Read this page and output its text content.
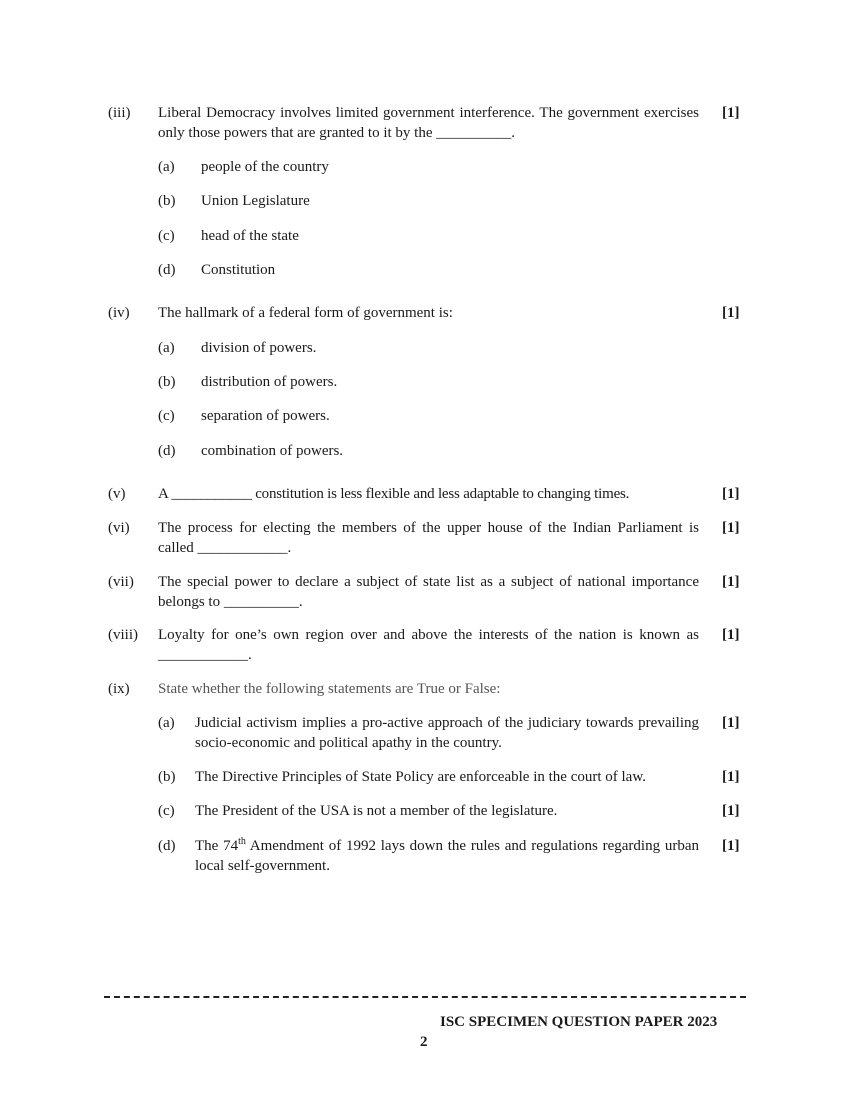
(iii) Liberal Democracy involves limited government interference. The government exercises only those powers that are granted to it by the __________.
[1]
(a) people of the country
(b) Union Legislature
(c) head of the state
(d) Constitution
(iv) The hallmark of a federal form of government is:	[1]
(a) division of powers.
(b) distribution of powers.
(c) separation of powers.
(d) combination of powers.
(v) A ___________ constitution is less flexible and less adaptable to changing times.	[1]
(vi) The process for electing the members of the upper house of the Indian Parliament is called ____________.
[1]
(vii) The special power to declare a subject of state list as a subject of national importance belongs to __________.
[1]
(viii) Loyalty for one’s own region over and above the interests of the nation is known as ____________.
[1]
(ix) State whether the following statements are True or False:
(a) Judicial activism implies a pro-active approach of the judiciary towards prevailing socio-economic and political apathy in the country.
[1]
(b) The Directive Principles of State Policy are enforceable in the court of law.	[1]
(c) The President of the USA is not a member of the legislature.	[1]
(d) The 74th Amendment of 1992 lays down the rules and regulations regarding urban local self-government.
[1]
ISC SPECIMEN QUESTION PAPER 2023
2
